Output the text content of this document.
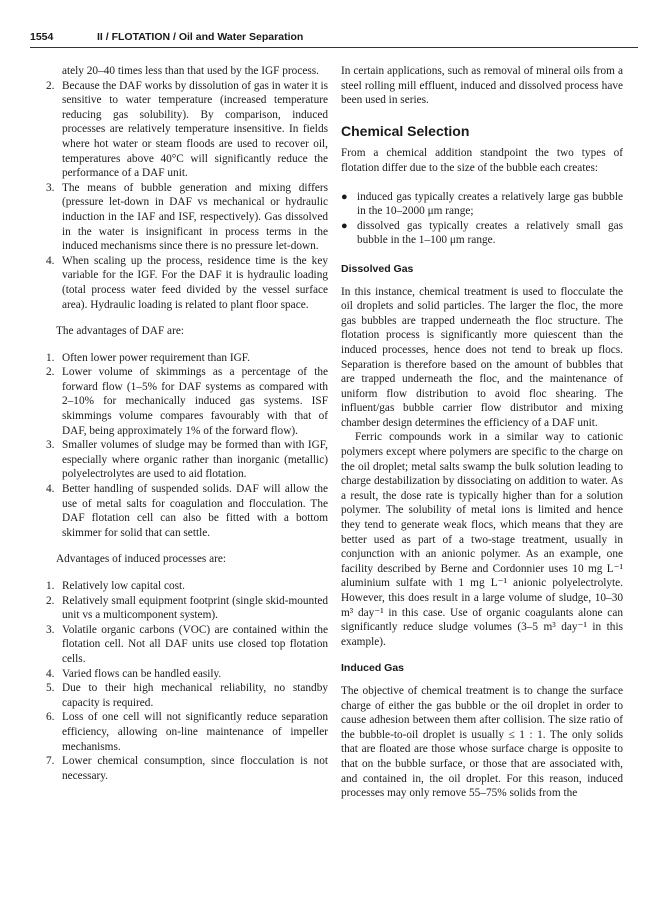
1554	II / FLOTATION / Oil and Water Separation
ately 20–40 times less than that used by the IGF process.
2. Because the DAF works by dissolution of gas in water it is sensitive to water temperature (increased temperature reducing gas solubility). By comparison, induced processes are relatively temperature insensitive. In fields where hot water or steam floods are used to recover oil, temperatures above 40°C will significantly reduce the performance of a DAF unit.
3. The means of bubble generation and mixing differs (pressure let-down in DAF vs mechanical or hydraulic induction in the IAF and ISF, respectively). Gas dissolved in the water is insignificant in process terms in the induced mechanisms since there is no pressure let-down.
4. When scaling up the process, residence time is the key variable for the IGF. For the DAF it is hydraulic loading (total process water feed divided by the vessel surface area). Hydraulic loading is related to plant floor space.

The advantages of DAF are:

1. Often lower power requirement than IGF.
2. Lower volume of skimmings as a percentage of the forward flow (1–5% for DAF systems as compared with 2–10% for mechanically induced gas systems. ISF skimmings volume compares favourably with that of DAF, being approximately 1% of the forward flow).
3. Smaller volumes of sludge may be formed than with IGF, especially where organic rather than inorganic (metallic) polyelectrolytes are used to aid flotation.
4. Better handling of suspended solids. DAF will allow the use of metal salts for coagulation and flocculation. The DAF flotation cell can also be fitted with a bottom skimmer for solid that can settle.

Advantages of induced processes are:

1. Relatively low capital cost.
2. Relatively small equipment footprint (single skid-mounted unit vs a multicomponent system).
3. Volatile organic carbons (VOC) are contained within the flotation cell. Not all DAF units use closed top flotation cells.
4. Varied flows can be handled easily.
5. Due to their high mechanical reliability, no standby capacity is required.
6. Loss of one cell will not significantly reduce separation efficiency, allowing on-line maintenance of impeller mechanisms.
7. Lower chemical consumption, since flocculation is not necessary.

In certain applications, such as removal of mineral oils from a steel rolling mill effluent, induced and dissolved process have been used in series.

Chemical Selection

From a chemical addition standpoint the two types of flotation differ due to the size of the bubble each creates:

● induced gas typically creates a relatively large gas bubble in the 10–2000 μm range;
● dissolved gas typically creates a relatively small gas bubble in the 1–100 μm range.
Dissolved Gas

In this instance, chemical treatment is used to flocculate the oil droplets and solid particles. The larger the floc, the more gas bubbles are trapped underneath the floc structure. The flotation process is significantly more quiescent than the induced processes, hence does not tend to break up flocs. Separation is therefore based on the amount of bubbles that are trapped underneath the floc, and the maintenance of uniform flow distribution to avoid floc shearing. The influent/gas bubble carrier flow distributor and mixing chamber design determines the efficiency of a DAF unit.

Ferric compounds work in a similar way to cationic polymers except where polymers are specific to the charge on the oil droplet; metal salts swamp the bulk solution leading to charge destabilization by dissociating on addition to water. As a result, the dose rate is typically higher than for a solution polymer. The solubility of metal ions is limited and hence they tend to generate weak flocs, which means that they are better used as part of a two-stage treatment, usually in conjunction with an anionic polymer. As an example, one facility described by Berne and Cordonnier uses 10 mg L⁻¹ aluminium sulfate with 1 mg L⁻¹ anionic polyelectrolyte. However, this does result in a large volume of sludge, 10–30 m³ day⁻¹ in this case. Use of organic coagulants alone can significantly reduce sludge volumes (3–5 m³ day⁻¹ in this example).

Induced Gas

The objective of chemical treatment is to change the surface charge of either the gas bubble or the oil droplet in order to cause adhesion between them after collision. The size ratio of the bubble-to-oil droplet is usually ≤ 1 : 1. The only solids that are floated are those whose surface charge is opposite to that on the bubble surface, or those that are associated with, and contained in, the oil droplet. For this reason, induced processes may only remove 55–75% solids from the
